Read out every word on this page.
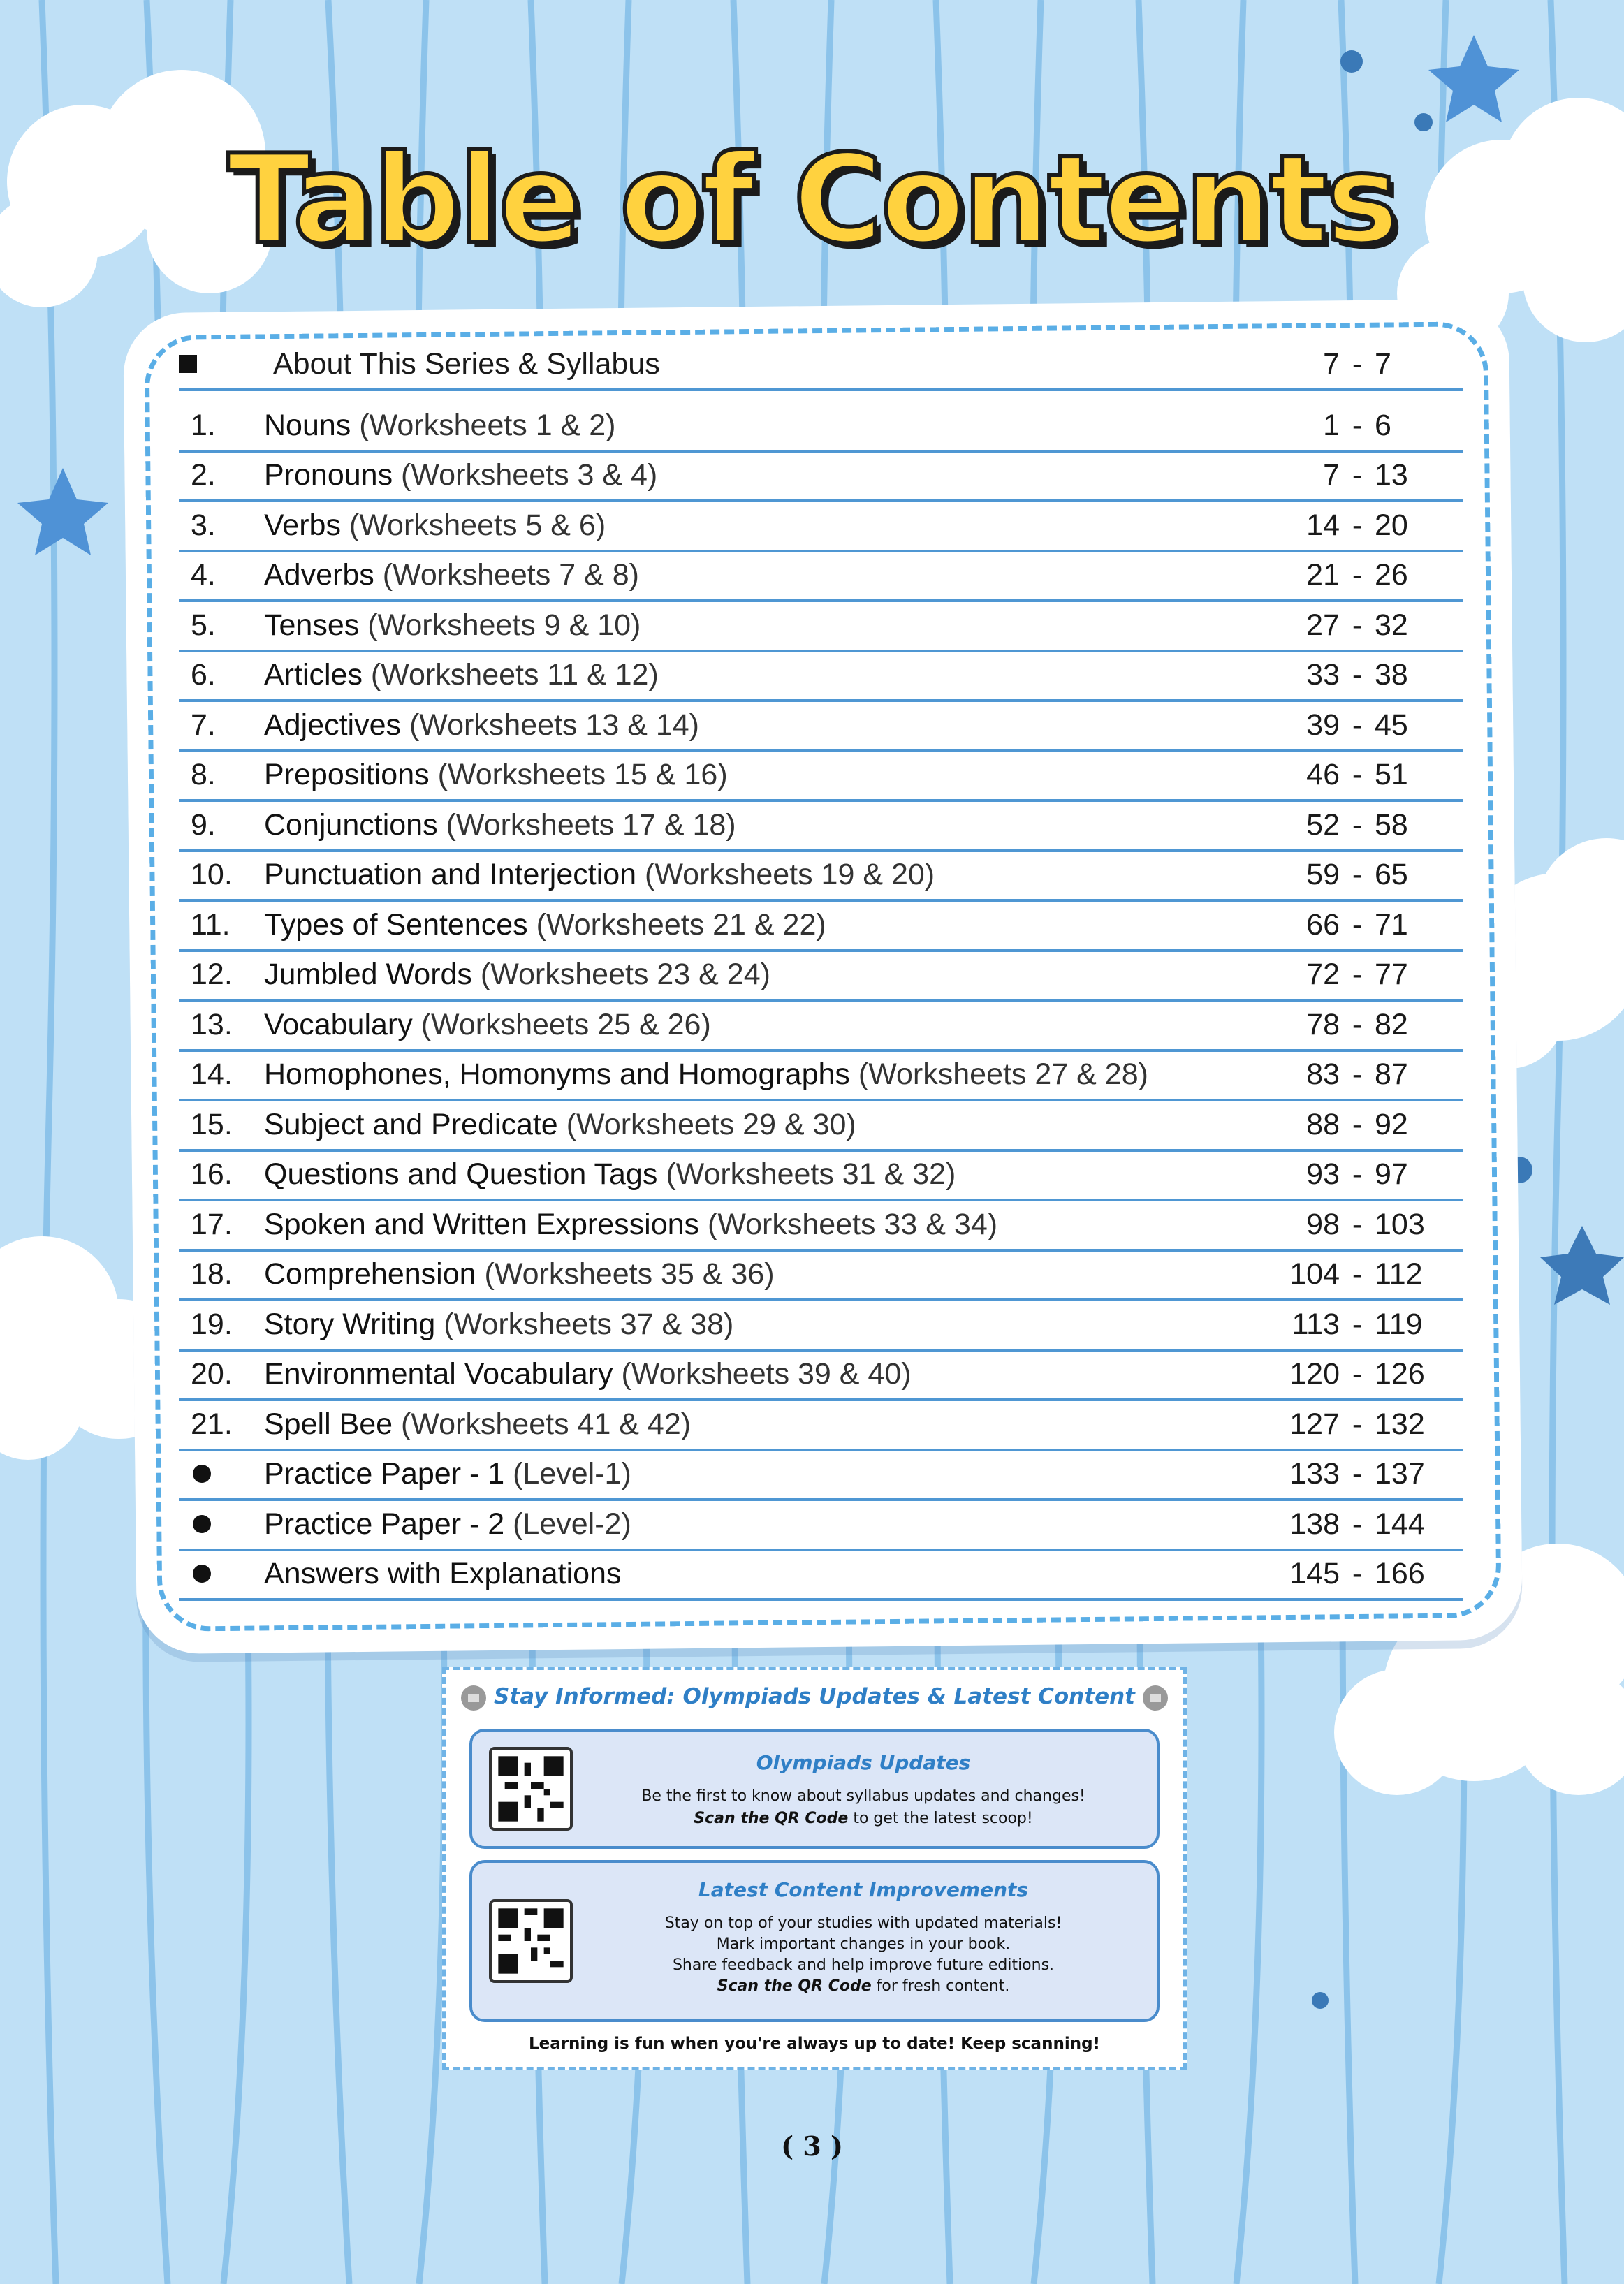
Table of Contents
About This Series & Syllabus	7 - 7
1. Nouns (Worksheets 1 & 2)	1 - 6
2. Pronouns (Worksheets 3 & 4)	7 - 13
3. Verbs (Worksheets 5 & 6)	14 - 20
4. Adverbs (Worksheets 7 & 8)	21 - 26
5. Tenses (Worksheets 9 & 10)	27 - 32
6. Articles (Worksheets 11 & 12)	33 - 38
7. Adjectives (Worksheets 13 & 14)	39 - 45
8. Prepositions (Worksheets 15 & 16)	46 - 51
9. Conjunctions (Worksheets 17 & 18)	52 - 58
10. Punctuation and Interjection (Worksheets 19 & 20)	59 - 65
11. Types of Sentences (Worksheets 21 & 22)	66 - 71
12. Jumbled Words (Worksheets 23 & 24)	72 - 77
13. Vocabulary (Worksheets 25 & 26)	78 - 82
14. Homophones, Homonyms and Homographs (Worksheets 27 & 28)	83 - 87
15. Subject and Predicate (Worksheets 29 & 30)	88 - 92
16. Questions and Question Tags (Worksheets 31 & 32)	93 - 97
17. Spoken and Written Expressions (Worksheets 33 & 34)	98 - 103
18. Comprehension (Worksheets 35 & 36)	104 - 112
19. Story Writing (Worksheets 37 & 38)	113 - 119
20. Environmental Vocabulary (Worksheets 39 & 40)	120 - 126
21. Spell Bee (Worksheets 41 & 42)	127 - 132
Practice Paper - 1 (Level-1)	133 - 137
Practice Paper - 2 (Level-2)	138 - 144
Answers with Explanations	145 - 166
Stay Informed: Olympiads Updates & Latest Content
Olympiads Updates
Be the first to know about syllabus updates and changes!
Scan the QR Code to get the latest scoop!
Latest Content Improvements
Stay on top of your studies with updated materials!
Mark important changes in your book.
Share feedback and help improve future editions.
Scan the QR Code for fresh content.
Learning is fun when you're always up to date! Keep scanning!
( 3 )
